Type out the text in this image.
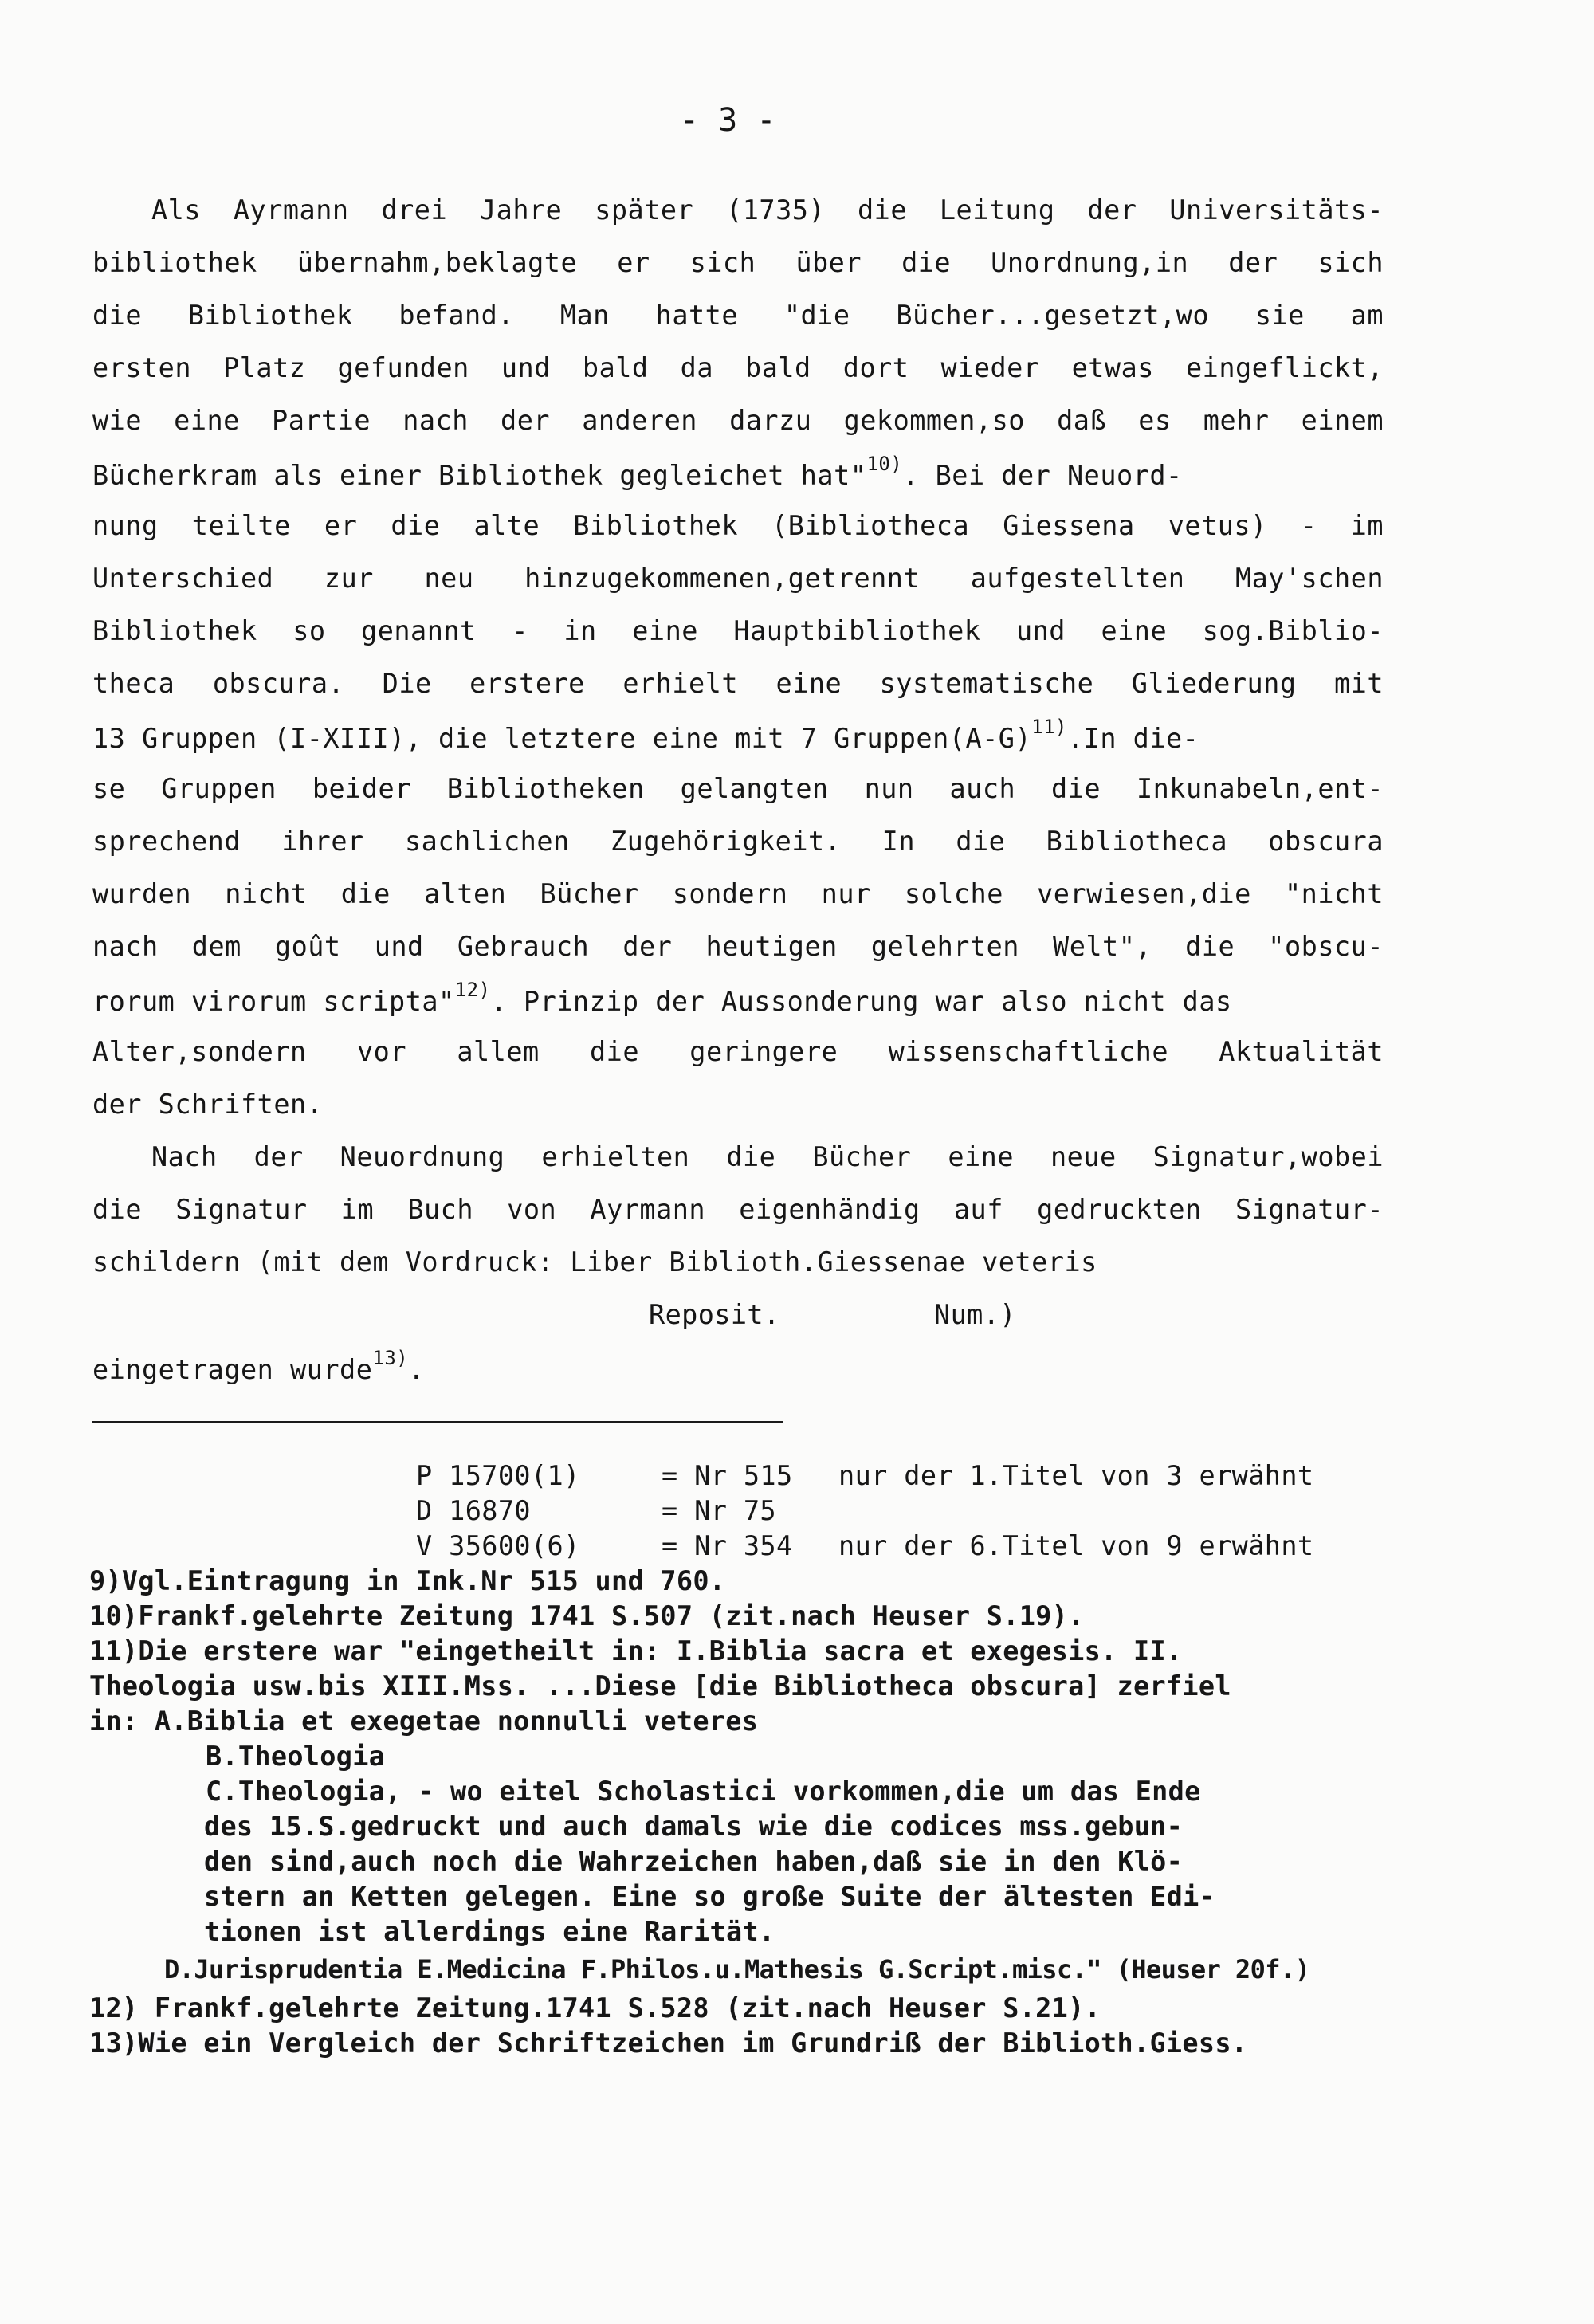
- 3 -
Als Ayrmann drei Jahre später (1735) die Leitung der Universitäts-
bibliothek übernahm,beklagte er sich über die Unordnung,in der sich
die Bibliothek befand. Man hatte "die Bücher...gesetzt,wo sie am
ersten Platz gefunden und bald da bald dort wieder etwas eingeflickt,
wie eine Partie nach der anderen darzu gekommen,so daß es mehr einem
Bücherkram als einer Bibliothek gegleichet hat"$^{10)}$. Bei der Neuord-
nung teilte er die alte Bibliothek (Bibliotheca Giessena vetus) - im
Unterschied zur neu hinzugekommenen,getrennt aufgestellten May'schen
Bibliothek so genannt - in eine Hauptbibliothek und eine sog.Biblio-
theca obscura. Die erstere erhielt eine systematische Gliederung mit
13 Gruppen (I-XIII), die letztere eine mit 7 $Gruppen(A-G)^{11)}.In$ die-
se Gruppen beider Bibliotheken gelangten nun auch die Inkunabeln,ent-
sprechend ihrer sachlichen Zugehörigkeit. In die Bibliotheca obscura
wurden nicht die alten Bücher sondern nur solche verwiesen,die "nicht
nach dem goût und Gebrauch der heutigen gelehrten Welt", die "obscu-
rorum virorum scripta"$^{12)}$. Prinzip der Aussonderung war also nicht das
Alter,sondern vor allem die geringere wissenschaftliche Aktualität
der Schriften.
Nach der Neuordnung erhielten die Bücher eine neue Signatur,wobei
die Signatur im Buch von Ayrmann eigenhändig auf gedruckten Signatur-
schildern (mit dem Vordruck: Liber Biblioth.Giessenae veteris
Reposit.	Num.)
eingetragen wurde$^{13)}$.
P 15700(1)	= Nr 515 nur der 1.Titel von 3 erwähnt
D 16870	= Nr 75
V 35600(6)	= Nr 354 nur der 6.Titel von 9 erwähnt
9)Vgl.Eintragung in Ink.Nr 515 und 760.
10)Frankf.gelehrte Zeitung 1741 S.507 (zit.nach Heuser S.19).
11)Die erstere war "eingetheilt in: I.Biblia sacra et exegesis. II.
Theologia usw.bis XIII.Mss. ...Diese [die Bibliotheca obscura] zerfiel
in: A.Biblia et exegetae nonnulli veteres
B.Theologia
C.Theologia, - wo eitel Scholastici vorkommen,die um das Ende
des 15.S.gedruckt und auch damals wie die codices mss.gebun-
den sind,auch noch die Wahrzeichen haben,daß sie in den Klö-
stern an Ketten gelegen. Eine so große Suite der ältesten Edi-
tionen ist allerdings eine Rarität.
D.Jurisprudentia E.Medicina F.Philos.u.Mathesis G.Script.misc." (Heuser 20f.)
12) Frankf.gelehrte Zeitung.1741 S.528 (zit.nach Heuser S.21).
13)Wie ein Vergleich der Schriftzeichen im Grundriß der Biblioth.Giess.
